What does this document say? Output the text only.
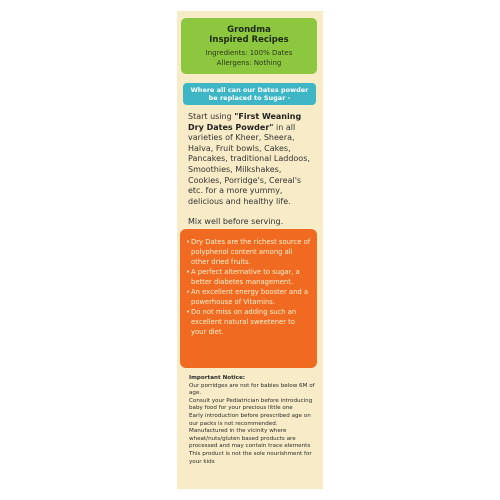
Grondma
Inspired Recipes
Ingredients: 100% Dates
Allergens: Nothing
Where all can our Dates powder
be replaced to Sugar -
Start using "First Weaning Dry Dates Powder" in all varieties of Kheer, Sheera, Halva, Fruit bowls, Cakes, Pancakes, traditional Laddoos, Smoothies, Milkshakes, Cookies, Porridge's, Cereal's etc. for a more yummy, delicious and healthy life.
Mix well before serving.
• Dry Dates are the richest source of polyphenol content among all other dried fruits.
• A perfect alternative to sugar, a better diabetes management.
• An excellent energy booster and a powerhouse of Vitamins.
• Do not miss on adding such an excellent natural sweetener to your diet.
Important Notice:
Our porridges are not for babies below 6M of age.
Consult your Pediatrician before introducing baby food for your precious little one
Early introduction before prescribed age on our packs is not recommended.
Manufactured in the vicinity where wheat/nuts/gluten based products are processed and may contain trace elements
This product is not the sole nourishment for your kids
